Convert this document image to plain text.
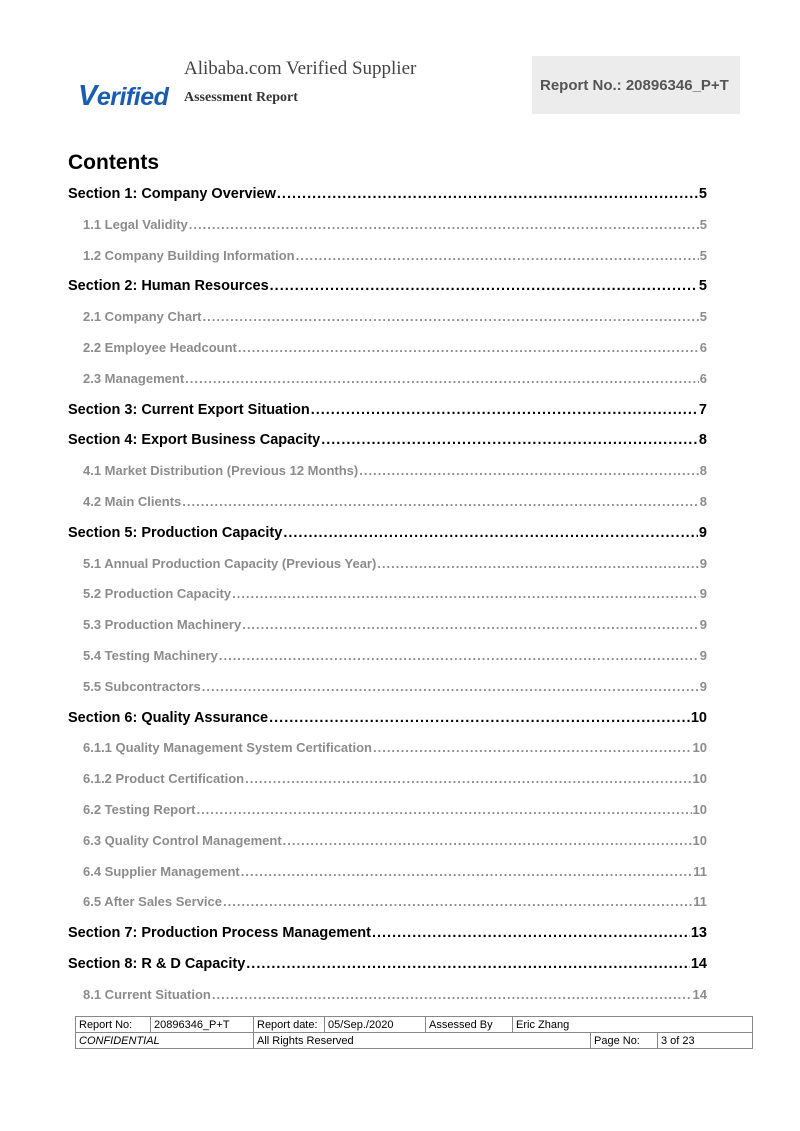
Verified
Alibaba.com Verified Supplier
Assessment Report
Report No.: 20896346_P+T
Contents
Section 1: Company Overview .....	5
1.1 Legal Validity .....	5
1.2 Company Building Information .....	5
Section 2: Human Resources .....	5
2.1 Company Chart .....	5
2.2 Employee Headcount .....	6
2.3 Management .....	6
Section 3: Current Export Situation .....	7
Section 4: Export Business Capacity .....	8
4.1 Market Distribution (Previous 12 Months) .....	8
4.2 Main Clients .....	8
Section 5: Production Capacity .....	9
5.1 Annual Production Capacity (Previous Year) .....	9
5.2 Production Capacity .....	9
5.3 Production Machinery .....	9
5.4 Testing Machinery .....	9
5.5 Subcontractors .....	9
Section 6: Quality Assurance .....	10
6.1.1 Quality Management System Certification .....	10
6.1.2 Product Certification .....	10
6.2 Testing Report .....	10
6.3 Quality Control Management .....	10
6.4 Supplier Management .....	11
6.5 After Sales Service .....	11
Section 7: Production Process Management .....	13
Section 8: R & D Capacity .....	14
8.1 Current Situation .....	14
Report No:	20896346_P+T	Report date:	05/Sep./2020	Assessed By	Eric Zhang		
CONFIDENTIAL		All Rights Reserved				Page No:	3 of 23
